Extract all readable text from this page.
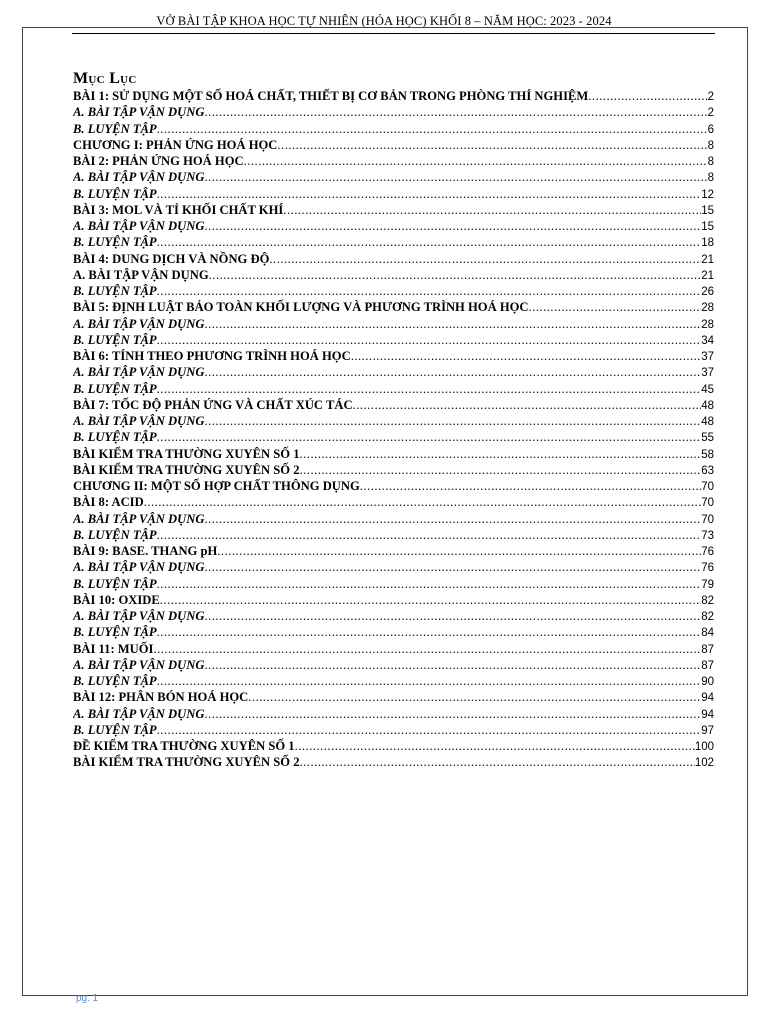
VỞ BÀI TẬP KHOA HỌC TỰ NHIÊN (HÓA HỌC) KHỐI 8 – NĂM HỌC: 2023 - 2024
Mục Lục
BÀI 1: SỬ DỤNG MỘT SỐ HOÁ CHẤT, THIẾT BỊ CƠ BẢN TRONG PHÒNG THÍ NGHIỆM .....	2
A. BÀI TẬP VẬN DỤNG .....	2
B. LUYỆN TẬP .....	6
CHƯƠNG I: PHẢN ỨNG HOÁ HỌC .....	8
BÀI 2: PHẢN ỨNG HOÁ HỌC .....	8
A. BÀI TẬP VẬN DỤNG .....	8
B. LUYỆN TẬP .....	12
BÀI 3: MOL VÀ TỈ KHỐI CHẤT KHÍ .....	15
A. BÀI TẬP VẬN DỤNG .....	15
B. LUYỆN TẬP .....	18
BÀI 4: DUNG DỊCH VÀ NỒNG ĐỘ .....	21
A. BÀI TẬP VẬN DỤNG .....	21
B. LUYỆN TẬP .....	26
BÀI 5: ĐỊNH LUẬT BẢO TOÀN KHỐI LƯỢNG VÀ PHƯƠNG TRÌNH HOÁ HỌC .....	28
A. BÀI TẬP VẬN DỤNG .....	28
B. LUYỆN TẬP .....	34
BÀI 6: TÍNH THEO PHƯƠNG TRÌNH HOÁ HỌC .....	37
A. BÀI TẬP VẬN DỤNG .....	37
B. LUYỆN TẬP .....	45
BÀI 7: TỐC ĐỘ PHẢN ỨNG VÀ CHẤT XÚC TÁC .....	48
A. BÀI TẬP VẬN DỤNG .....	48
B. LUYỆN TẬP .....	55
BÀI KIỂM TRA THƯỜNG XUYÊN SỐ 1 .....	58
BÀI KIỂM TRA THƯỜNG XUYÊN SỐ 2 .....	63
CHƯƠNG II: MỘT SỐ HỢP CHẤT THÔNG DỤNG .....	70
BÀI 8: ACID .....	70
A. BÀI TẬP VẬN DỤNG .....	70
B. LUYỆN TẬP .....	73
BÀI 9: BASE. THANG pH .....	76
A. BÀI TẬP VẬN DỤNG .....	76
B. LUYỆN TẬP .....	79
BÀI 10: OXIDE .....	82
A. BÀI TẬP VẬN DỤNG .....	82
B. LUYỆN TẬP .....	84
BÀI 11: MUỐI .....	87
A. BÀI TẬP VẬN DỤNG .....	87
B. LUYỆN TẬP .....	90
BÀI 12: PHÂN BÓN HOÁ HỌC .....	94
A. BÀI TẬP VẬN DỤNG .....	94
B. LUYỆN TẬP .....	97
ĐỀ KIỂM TRA THƯỜNG XUYÊN SỐ 1 .....	100
BÀI KIỂM TRA THƯỜNG XUYÊN SỐ 2 .....	102
pg. 1
